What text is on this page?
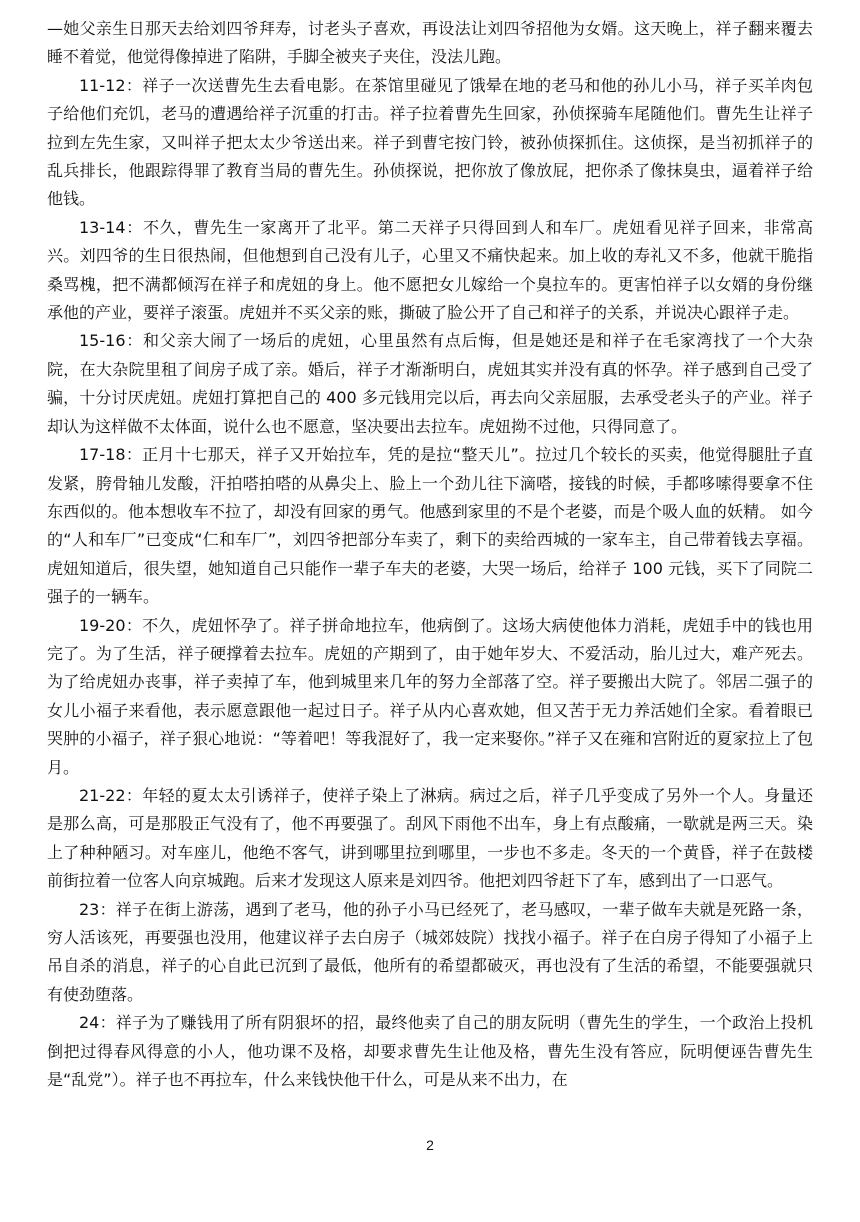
—她父亲生日那天去给刘四爷拜寿，讨老头子喜欢，再设法让刘四爷招他为女婿。这天晚上，祥子翻来覆去睡不着觉，他觉得像掉进了陷阱，手脚全被夹子夹住，没法儿跑。

11-12：祥子一次送曹先生去看电影。在茶馆里碰见了饿晕在地的老马和他的孙儿小马，祥子买羊肉包子给他们充饥，老马的遭遇给祥子沉重的打击。祥子拉着曹先生回家，孙侦探骑车尾随他们。曹先生让祥子拉到左先生家，又叫祥子把太太少爷送出来。祥子到曹宅按门铃，被孙侦探抓住。这侦探，是当初抓祥子的乱兵排长，他跟踪得罪了教育当局的曹先生。孙侦探说，把你放了像放屁，把你杀了像抹臭虫，逼着祥子给他钱。

13-14：不久，曹先生一家离开了北平。第二天祥子只得回到人和车厂。虎妞看见祥子回来，非常高兴。刘四爷的生日很热闹，但他想到自己没有儿子，心里又不痛快起来。加上收的寿礼又不多，他就干脆指桑骂槐，把不满都倾泻在祥子和虎妞的身上。他不愿把女儿嫁给一个臭拉车的。更害怕祥子以女婿的身份继承他的产业，要祥子滚蛋。虎妞并不买父亲的账，撕破了脸公开了自己和祥子的关系，并说决心跟祥子走。

15-16：和父亲大闹了一场后的虎妞，心里虽然有点后悔，但是她还是和祥子在毛家湾找了一个大杂院，在大杂院里租了间房子成了亲。婚后，祥子才渐渐明白，虎妞其实并没有真的怀孕。祥子感到自己受了骗，十分讨厌虎妞。虎妞打算把自己的 400 多元钱用完以后，再去向父亲屈服，去承受老头子的产业。祥子却认为这样做不太体面，说什么也不愿意，坚决要出去拉车。虎妞拗不过他，只得同意了。

17-18：正月十七那天，祥子又开始拉车，凭的是拉“整天儿”。拉过几个较长的买卖，他觉得腿肚子直发紧，胯骨轴儿发酸，汗拍嗒拍嗒的从鼻尖上、脸上一个劲儿往下滴嗒，接钱的时候，手都哆嗦得要拿不住东西似的。他本想收车不拉了，却没有回家的勇气。他感到家里的不是个老婆，而是个吸人血的妖精。 如今的“人和车厂”已变成“仁和车厂”，刘四爷把部分车卖了，剩下的卖给西城的一家车主，自己带着钱去享福。虎妞知道后，很失望，她知道自己只能作一辈子车夫的老婆，大哭一场后，给祥子 100 元钱，买下了同院二强子的一辆车。

19-20：不久，虎妞怀孕了。祥子拼命地拉车，他病倒了。这场大病使他体力消耗，虎妞手中的钱也用完了。为了生活，祥子硬撑着去拉车。虎妞的产期到了，由于她年岁大、不爱活动，胎儿过大，难产死去。为了给虎妞办丧事，祥子卖掉了车，他到城里来几年的努力全部落了空。祥子要搬出大院了。邻居二强子的女儿小福子来看他，表示愿意跟他一起过日子。祥子从内心喜欢她，但又苦于无力养活她们全家。看着眼已哭肿的小福子，祥子狠心地说：“等着吧！等我混好了，我一定来娶你。”祥子又在雍和宫附近的夏家拉上了包月。

21-22：年轻的夏太太引诱祥子，使祥子染上了淋病。病过之后，祥子几乎变成了另外一个人。身量还是那么高，可是那股正气没有了，他不再要强了。刮风下雨他不出车，身上有点酸痛，一歇就是两三天。染上了种种陋习。对车座儿，他绝不客气，讲到哪里拉到哪里，一步也不多走。冬天的一个黄昏，祥子在鼓楼前街拉着一位客人向京城跑。后来才发现这人原来是刘四爷。他把刘四爷赶下了车，感到出了一口恶气。

23：祥子在街上游荡，遇到了老马，他的孙子小马已经死了，老马感叹，一辈子做车夫就是死路一条，穷人活该死，再要强也没用，他建议祥子去白房子（城郊妓院）找找小福子。祥子在白房子得知了小福子上吊自杀的消息，祥子的心自此已沉到了最低，他所有的希望都破灭，再也没有了生活的希望，不能要强就只有使劲堕落。

24：祥子为了赚钱用了所有阴狠坏的招，最终他卖了自己的朋友阮明（曹先生的学生，一个政治上投机倒把过得春风得意的小人，他功课不及格，却要求曹先生让他及格，曹先生没有答应，阮明便诬告曹先生是“乱党”）。祥子也不再拉车，什么来钱快他干什么，可是从来不出力，在

2
